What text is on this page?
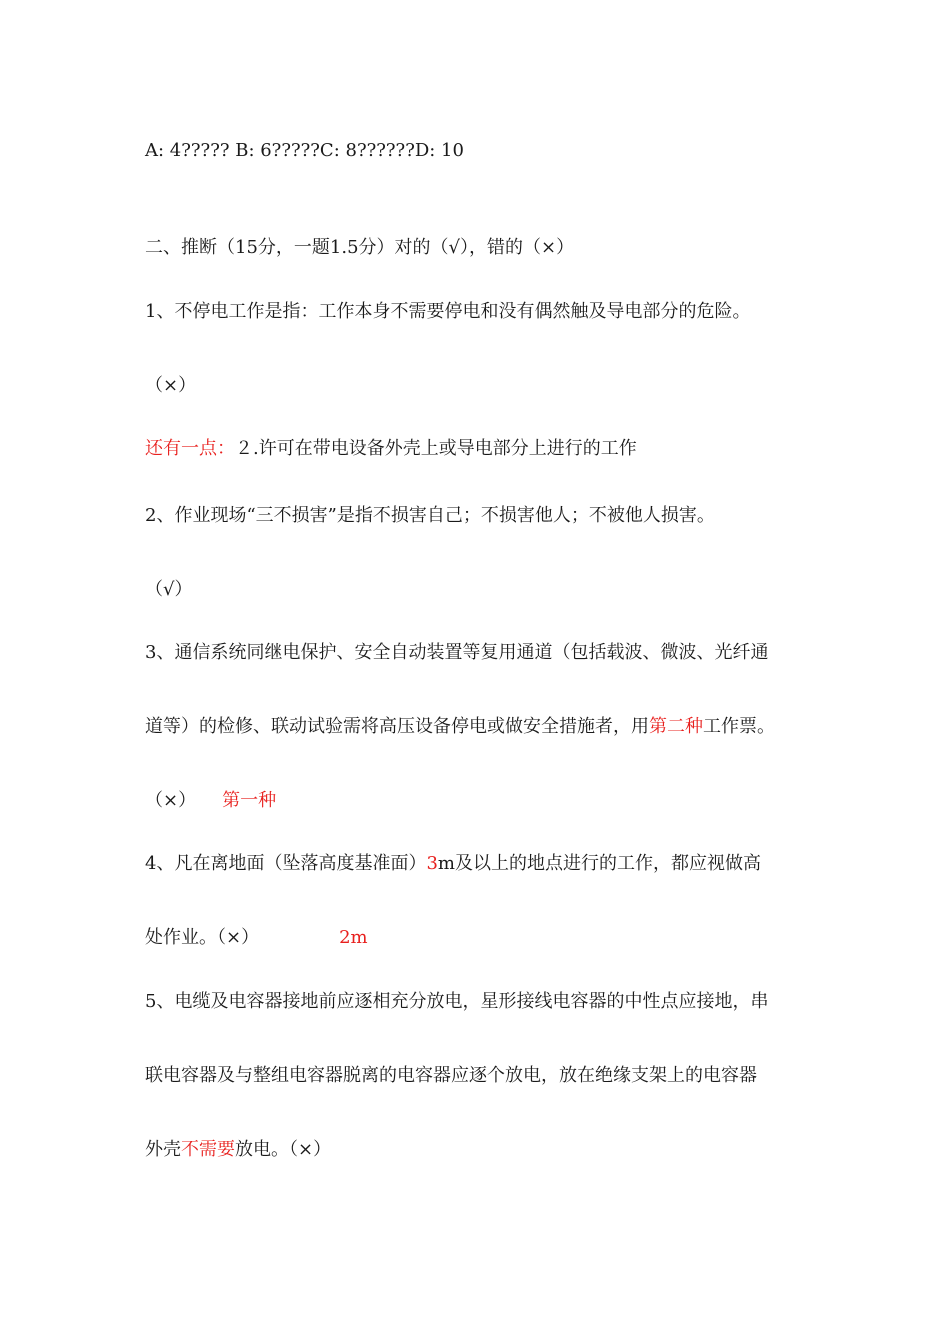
A: 4????? B: 6?????C: 8??????D: 10
二、推断（15分，一题1.5分）对的（√），错的（×）
1、不停电工作是指：工作本身不需要停电和没有偶然触及导电部分的危险。
（×）
还有一点：２.许可在带电设备外壳上或导电部分上进行的工作
2、作业现场“三不损害”是指不损害自己；不损害他人；不被他人损害。
（√）
3、通信系统同继电保护、安全自动装置等复用通道（包括载波、微波、光纤通
道等）的检修、联动试验需将高压设备停电或做安全措施者，用第二种工作票。
（×） 第一种
4、凡在离地面（坠落高度基准面）3m及以上的地点进行的工作，都应视做高
处作业。（×）	2m
5、电缆及电容器接地前应逐相充分放电，星形接线电容器的中性点应接地，串
联电容器及与整组电容器脱离的电容器应逐个放电，放在绝缘支架上的电容器
外壳不需要放电。（×）
